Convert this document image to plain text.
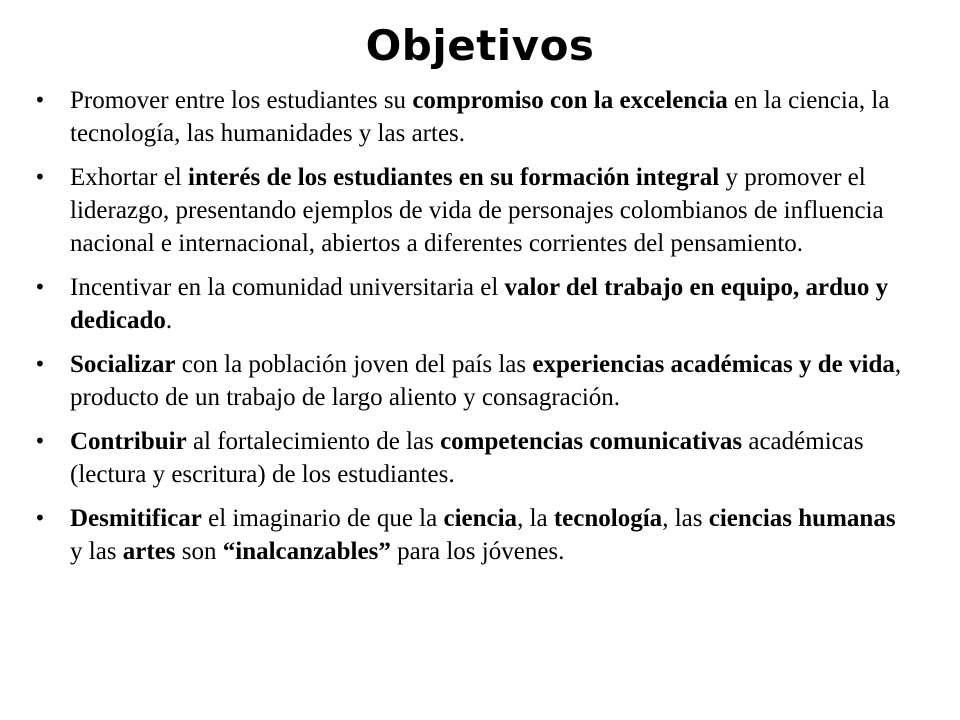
Objetivos
• Promover entre los estudiantes su compromiso con la excelencia en la ciencia, la tecnología, las humanidades y las artes.
• Exhortar el interés de los estudiantes en su formación integral y promover el liderazgo, presentando ejemplos de vida de personajes colombianos de influencia nacional e internacional, abiertos a diferentes corrientes del pensamiento.
• Incentivar en la comunidad universitaria el valor del trabajo en equipo, arduo y dedicado.
• Socializar con la población joven del país las experiencias académicas y de vida, producto de un trabajo de largo aliento y consagración.
• Contribuir al fortalecimiento de las competencias comunicativas académicas (lectura y escritura) de los estudiantes.
• Desmitificar el imaginario de que la ciencia, la tecnología, las ciencias humanas y las artes son “inalcanzables” para los jóvenes.
